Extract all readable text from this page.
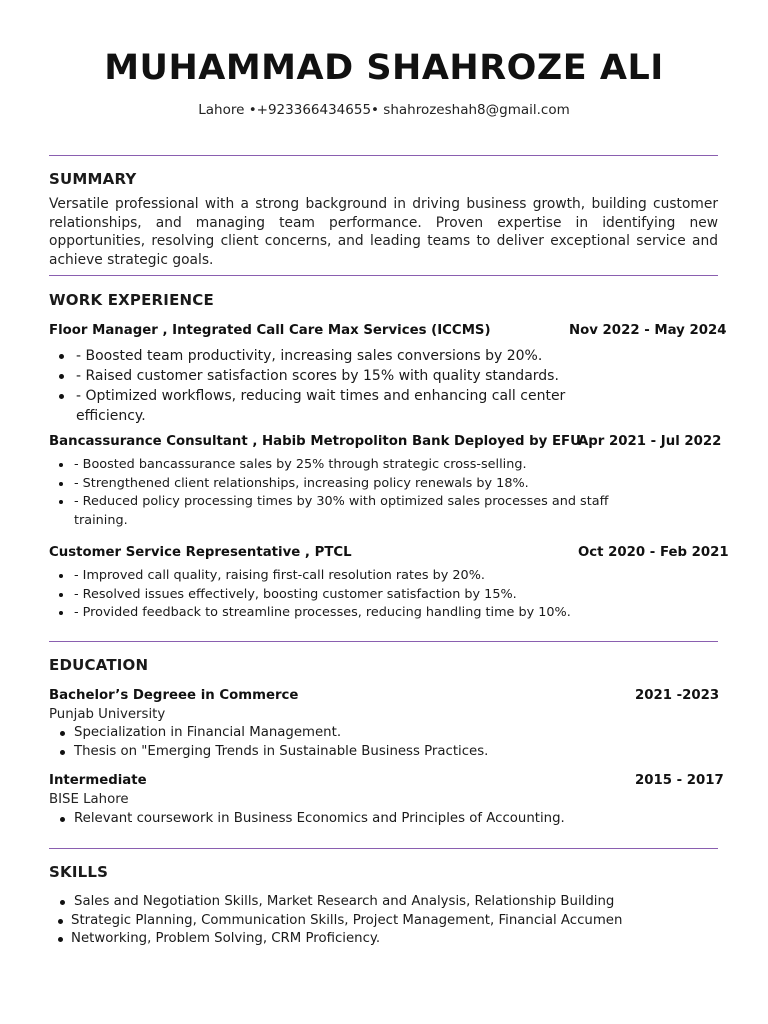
MUHAMMAD SHAHROZE ALI
Lahore •+923366434655• shahrozeshah8@gmail.com
SUMMARY
Versatile professional with a strong background in driving business growth, building customer relationships, and managing team performance. Proven expertise in identifying new opportunities, resolving client concerns, and leading teams to deliver exceptional service and achieve strategic goals.
WORK EXPERIENCE
Floor Manager , Integrated Call Care Max Services (ICCMS)	Nov 2022 - May 2024
- Boosted team productivity, increasing sales conversions by 20%.
- Raised customer satisfaction scores by 15% with quality standards.
- Optimized workflows, reducing wait times and enhancing call center efficiency.
Bancassurance Consultant , Habib Metropoliton Bank Deployed by EFU
Apr 2021 - Jul 2022
- Boosted bancassurance sales by 25% through strategic cross-selling.
- Strengthened client relationships, increasing policy renewals by 18%.
- Reduced policy processing times by 30% with optimized sales processes and staff training.
Customer Service Representative , PTCL	Oct 2020 - Feb 2021
- Improved call quality, raising first-call resolution rates by 20%.
- Resolved issues effectively, boosting customer satisfaction by 15%.
- Provided feedback to streamline processes, reducing handling time by 10%.
EDUCATION
Bachelor’s Degreee in Commerce	2021 -2023
Punjab University
Specialization in Financial Management.
Thesis on "Emerging Trends in Sustainable Business Practices.
Intermediate	2015 - 2017
BISE Lahore
Relevant coursework in Business Economics and Principles of Accounting.
SKILLS
Sales and Negotiation Skills, Market Research and Analysis, Relationship Building
Strategic Planning, Communication Skills, Project Management, Financial Accumen
Networking, Problem Solving, CRM Proficiency.
